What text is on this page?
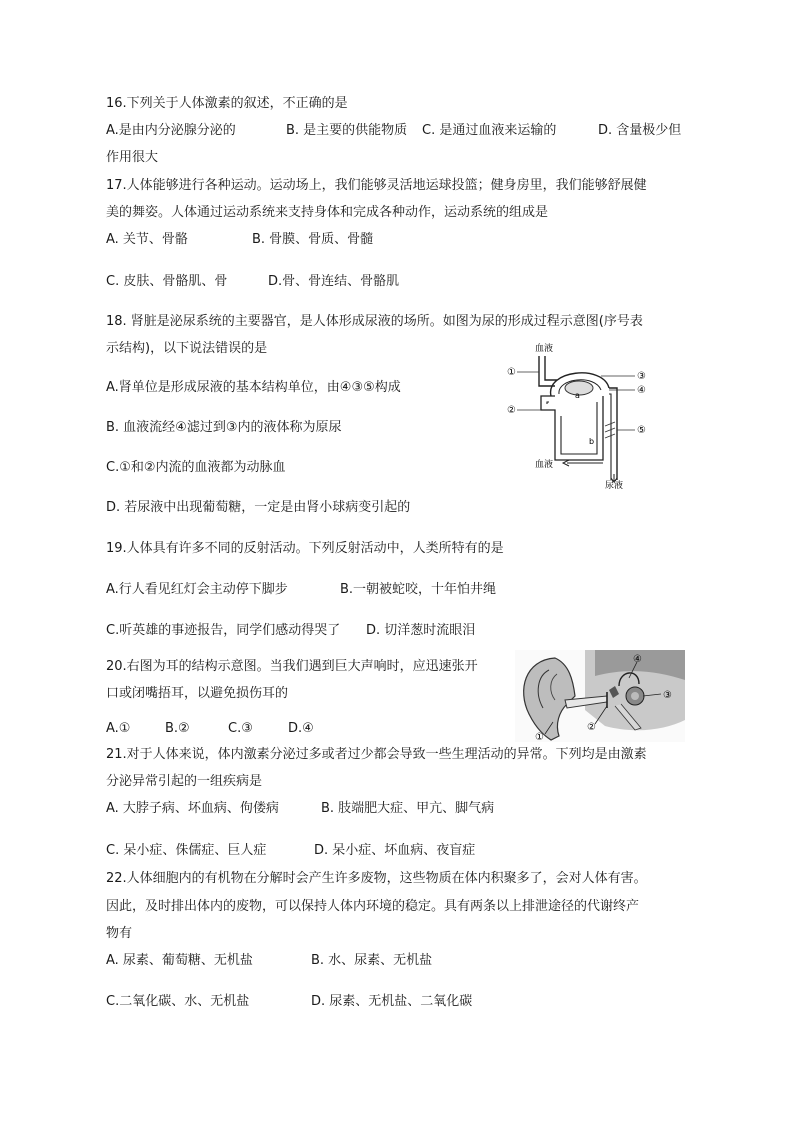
16.下列关于人体激素的叙述，不正确的是
A.是由内分泌腺分泌的	B. 是主要的供能物质 C. 是通过血液来运输的	D. 含量极少但
作用很大
17.人体能够进行各种运动。运动场上，我们能够灵活地运球投篮；健身房里，我们能够舒展健
美的舞姿。人体通过运动系统来支持身体和完成各种动作，运动系统的组成是
A. 关节、骨骼	B. 骨膜、骨质、骨髓
C. 皮肤、骨骼肌、骨	D.骨、骨连结、骨骼肌
18. 肾脏是泌尿系统的主要器官，是人体形成尿液的场所。如图为尿的形成过程示意图(序号表
示结构)，以下说法错误的是
A.肾单位是形成尿液的基本结构单位，由④③⑤构成
B. 血液流经④滤过到③内的液体称为原尿
C.①和②内流的血液都为动脉血
D. 若尿液中出现葡萄糖，一定是由肾小球病变引起的
血液
a
b
血液
尿液
①
②
③
④
⑤
19.人体具有许多不同的反射活动。下列反射活动中，人类所特有的是
A.行人看见红灯会主动停下脚步	B.一朝被蛇咬，十年怕井绳
C.听英雄的事迹报告，同学们感动得哭了 D. 切洋葱时流眼泪
20.右图为耳的结构示意图。当我们遇到巨大声响时，应迅速张开
口或闭嘴捂耳，以避免损伤耳的
A.①	B.②	C.③	D.④
①
②
③
④
21.对于人体来说，体内激素分泌过多或者过少都会导致一些生理活动的异常。下列均是由激素
分泌异常引起的一组疾病是
A. 大脖子病、坏血病、佝偻病	B. 肢端肥大症、甲亢、脚气病
C. 呆小症、侏儒症、巨人症	D. 呆小症、坏血病、夜盲症
22.人体细胞内的有机物在分解时会产生许多废物，这些物质在体内积聚多了，会对人体有害。
因此，及时排出体内的废物，可以保持人体内环境的稳定。具有两条以上排泄途径的代谢终产
物有
A. 尿素、葡萄糖、无机盐	B. 水、尿素、无机盐
C.二氧化碳、水、无机盐	D. 尿素、无机盐、二氧化碳
